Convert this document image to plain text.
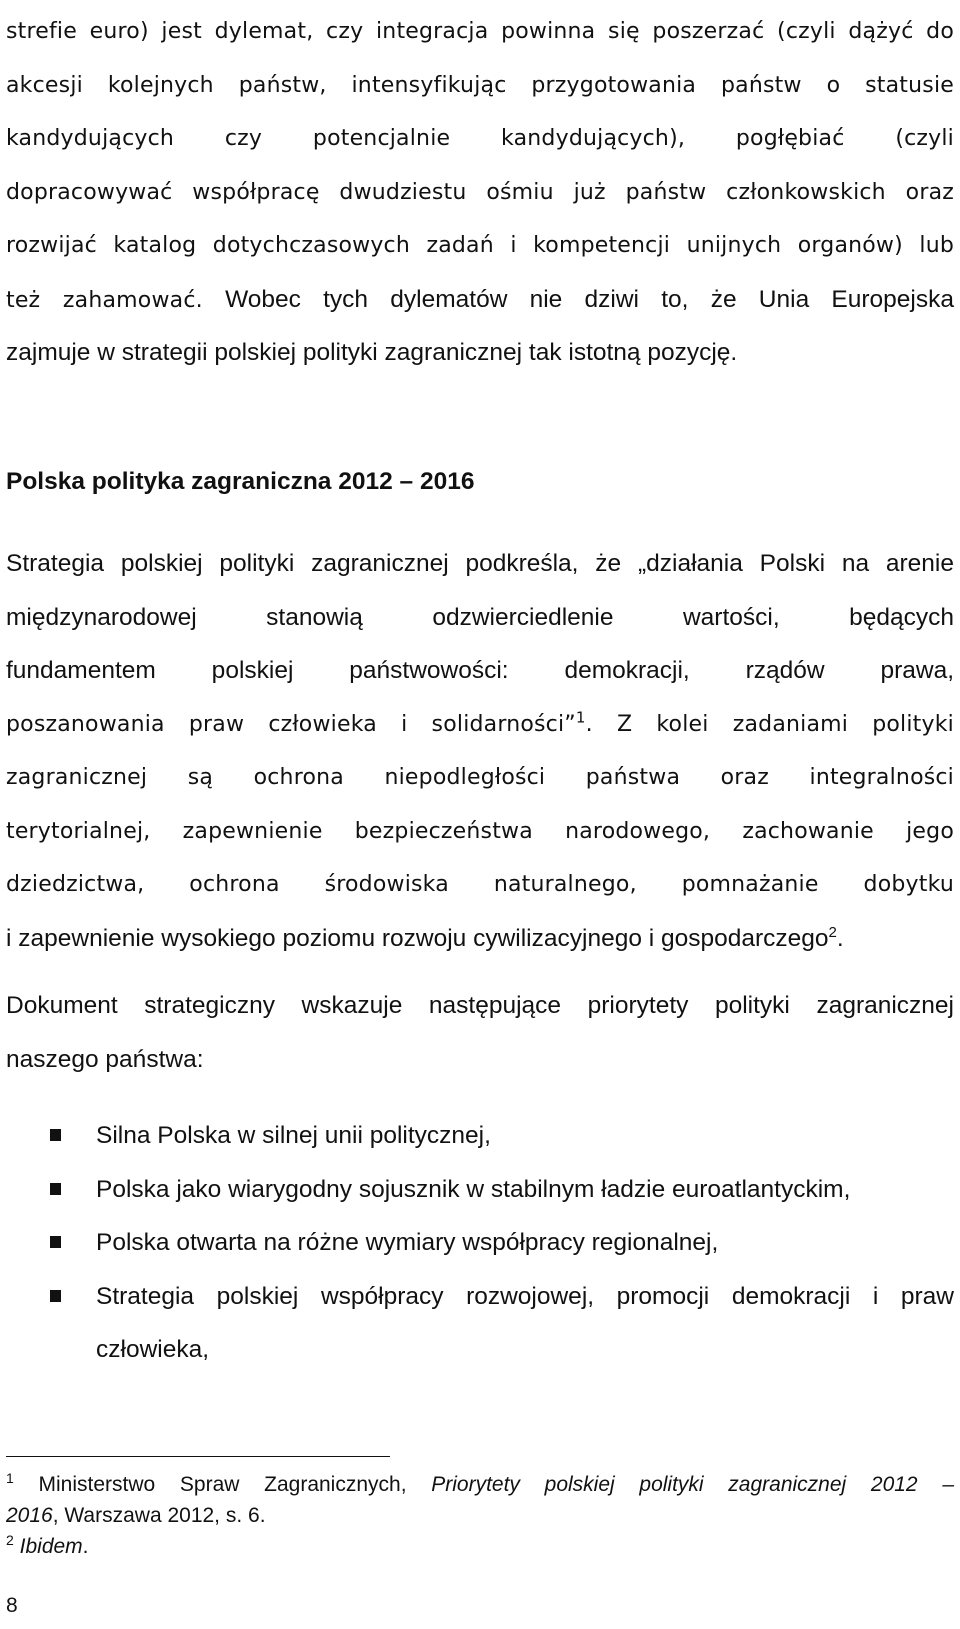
strefie euro) jest dylemat, czy integracja powinna się poszerzać (czyli dążyć do
akcesji kolejnych państw, intensyfikując przygotowania państw o statusie
kandydujących czy potencjalnie kandydujących), pogłębiać (czyli
dopracowywać współpracę dwudziestu ośmiu już państw członkowskich oraz
rozwijać katalog dotychczasowych zadań i kompetencji unijnych organów) lub
też zahamować. Wobec tych dylematów nie dziwi to, że Unia Europejska
zajmuje w strategii polskiej polityki zagranicznej tak istotną pozycję.

Polska polityka zagraniczna 2012 – 2016

Strategia polskiej polityki zagranicznej podkreśla, że „działania Polski na arenie
międzynarodowej stanowią odzwierciedlenie wartości, będących
fundamentem polskiej państwowości: demokracji, rządów prawa,
poszanowania praw człowieka i solidarności”$^1$. Z kolei zadaniami polityki
zagranicznej są ochrona niepodległości państwa oraz integralności
terytorialnej, zapewnienie bezpieczeństwa narodowego, zachowanie jego
dziedzictwa, ochrona środowiska naturalnego, pomnażanie dobytku
i zapewnienie wysokiego poziomu rozwoju cywilizacyjnego i gospodarczego$^2$.

Dokument strategiczny wskazuje następujące priorytety polityki zagranicznej
naszego państwa:

Silna Polska w silnej unii politycznej,
Polska jako wiarygodny sojusznik w stabilnym ładzie euroatlantyckim,
Polska otwarta na różne wymiary współpracy regionalnej,
Strategia polskiej współpracy rozwojowej, promocji demokracji i praw
człowieka,
$^1$ Ministerstwo Spraw Zagranicznych, Priorytety polskiej polityki zagranicznej 2012 –
2016, Warszawa 2012, s. 6.
$^2$ Ibidem.
8
